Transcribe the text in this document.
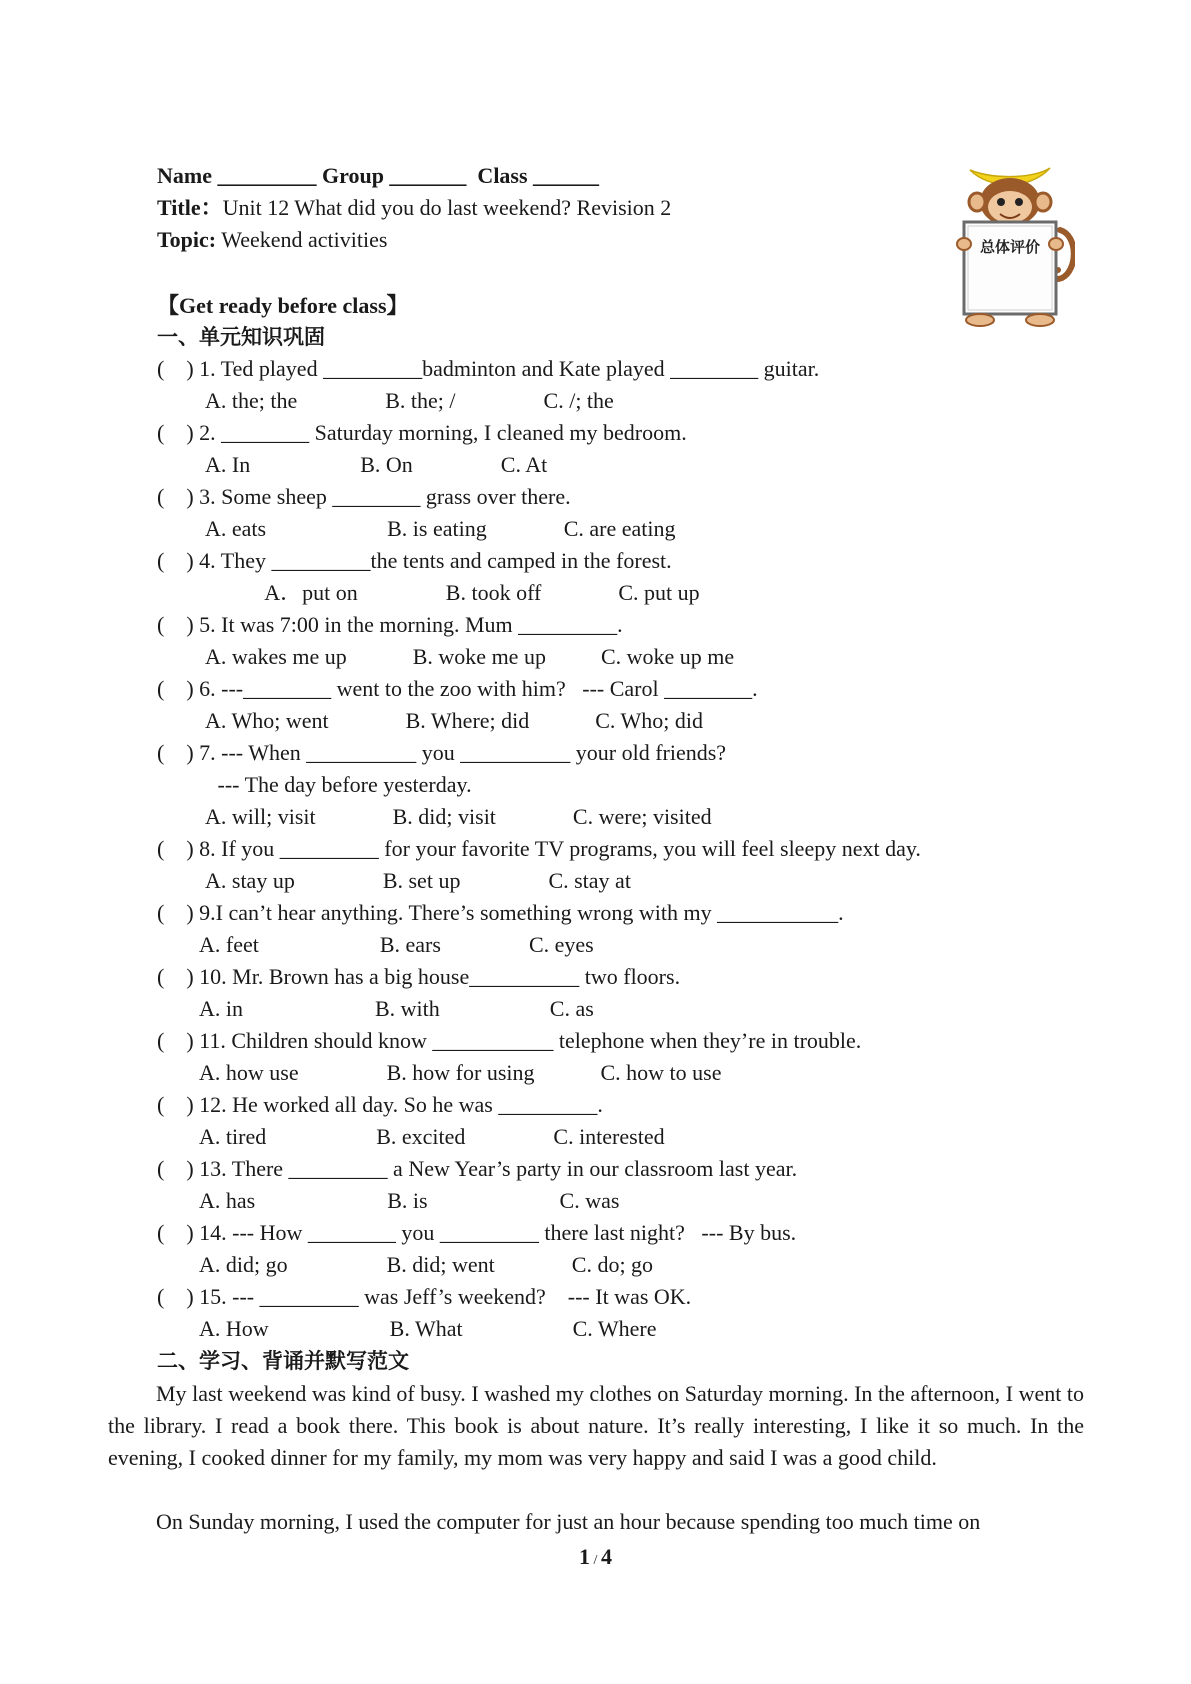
Name _________ Group _______  Class ______
Title：Unit 12 What did you do last weekend? Revision 2
Topic: Weekend activities	总体评价
【Get ready before class】
一、单元知识巩固
(    ) 1. Ted played _________badminton and Kate played ________ guitar.
A. the; the                B. the; /                C. /; the
(    ) 2. ________ Saturday morning, I cleaned my bedroom.
A. In                    B. On                C. At
(    ) 3. Some sheep ________ grass over there.
A. eats                      B. is eating              C. are eating
(    ) 4. They _________the tents and camped in the forest.
A．put on                B. took off              C. put up
(    ) 5. It was 7:00 in the morning. Mum _________.
A. wakes me up            B. woke me up          C. woke up me
(    ) 6. ---________ went to the zoo with him?   --- Carol ________.
A. Who; went              B. Where; did            C. Who; did
(    ) 7. --- When __________ you __________ your old friends?
--- The day before yesterday.
A. will; visit              B. did; visit              C. were; visited
(    ) 8. If you _________ for your favorite TV programs, you will feel sleepy next day.
A. stay up                B. set up                C. stay at
(    ) 9.I can’t hear anything. There’s something wrong with my ___________.
A. feet                      B. ears                C. eyes
(    ) 10. Mr. Brown has a big house__________ two floors.
A. in                        B. with                    C. as
(    ) 11. Children should know ___________ telephone when they’re in trouble.
A. how use                B. how for using            C. how to use
(    ) 12. He worked all day. So he was _________.
A. tired                    B. excited                C. interested
(    ) 13. There _________ a New Year’s party in our classroom last year.
A. has                        B. is                        C. was
(    ) 14. --- How ________ you _________ there last night?   --- By bus.
A. did; go                  B. did; went              C. do; go
(    ) 15. --- _________ was Jeff’s weekend?    --- It was OK.
A. How                      B. What                    C. Where
二、学习、背诵并默写范文
My last weekend was kind of busy. I washed my clothes on Saturday morning. In the afternoon, I went to the library. I read a book there. This book is about nature. It’s really interesting, I like it so much. In the evening, I cooked dinner for my family, my mom was very happy and said I was a good child.
On Sunday morning, I used the computer for just an hour because spending too much time on
1 / 4
